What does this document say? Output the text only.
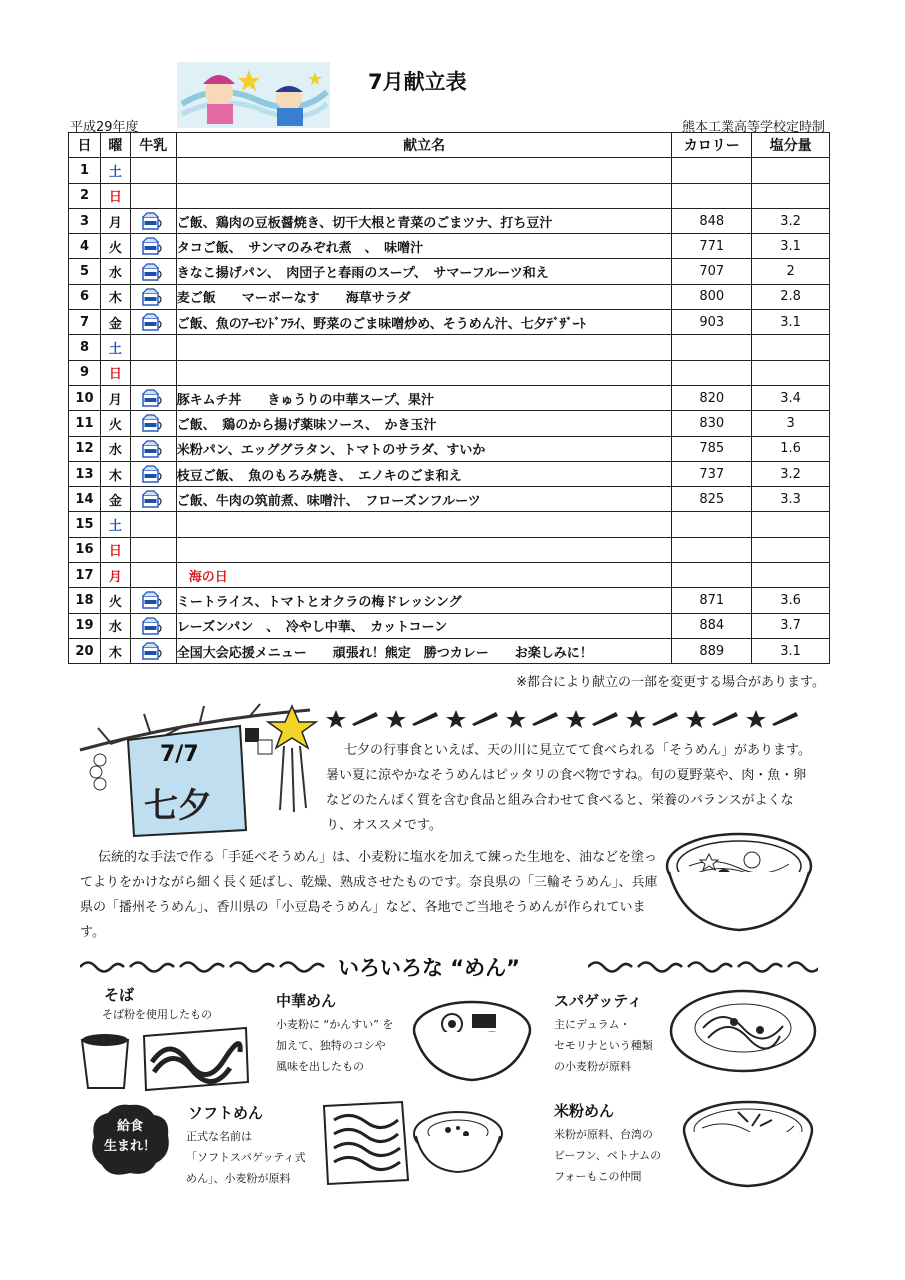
7月献立表
平成29年度	熊本工業高等学校定時制
日	曜	牛乳	献立名	カロリー	塩分量
1	土				
2	日				
3	月		ご飯、鶏肉の豆板醤焼き、切干大根と青菜のごまツナ、打ち豆汁	848	3.2
4	火		タコご飯、　サンマのみぞれ煮　、　味噌汁	771	3.1
5	水		きなこ揚げパン、　肉団子と春雨のスープ、　サマーフルーツ和え	707	2
6	木		麦ご飯　　マーボーなす　　海草サラダ	800	2.8
7	金		ご飯、魚のｱｰﾓﾝﾄﾞﾌﾗｲ、野菜のごま味噌炒め、そうめん汁、七夕ﾃﾞｻﾞｰﾄ	903	3.1
8	土				
9	日				
10	月		豚キムチ丼　　きゅうりの中華スープ、果汁	820	3.4
11	火		ご飯、　鶏のから揚げ薬味ソース、　かき玉汁	830	3
12	水		米粉パン、エッググラタン、トマトのサラダ、すいか	785	1.6
13	木		枝豆ご飯、　魚のもろみ焼き、　エノキのごま和え	737	3.2
14	金		ご飯、牛肉の筑前煮、味噌汁、　フローズンフルーツ	825	3.3
15	土				
16	日				
17	月		海の日		
18	火		ミートライス、トマトとオクラの梅ドレッシング	871	3.6
19	水		レーズンパン　、　冷やし中華、　カットコーン	884	3.7
20	木		全国大会応援メニュー　　頑張れ！熊定　勝つカレー　　お楽しみに！	889	3.1
※都合により献立の一部を変更する場合があります。
7/7
七夕

七夕の行事食といえば、天の川に見立てて食べられる「そうめん」があります。暑い夏に涼やかなそうめんはピッタリの食べ物ですね。旬の夏野菜や、肉・魚・卵などのたんぱく質を含む食品と組み合わせて食べると、栄養のバランスがよくなり、オススメです。

伝統的な手法で作る「手延べそうめん」は、小麦粉に塩水を加えて練った生地を、油などを塗ってよりをかけながら細く長く延ばし、乾燥、熟成させたものです。奈良県の「三輪そうめん」、兵庫県の「播州そうめん」、香川県の「小豆島そうめん」など、各地でご当地そうめんが作られています。

いろいろな “めん”
そば

そば粉を使用したもの

中華めん

小麦粉に “かんすい” を
加えて、独特のコシや
風味を出したもの

スパゲッティ

主にデュラム・
セモリナという種類
の小麦粉が原料

給食
生まれ！
ソフトめん

正式な名前は
「ソフトスパゲッティ式
めん」、小麦粉が原料

米粉めん

米粉が原料、台湾の
ビーフン、ベトナムの
フォーもこの仲間
